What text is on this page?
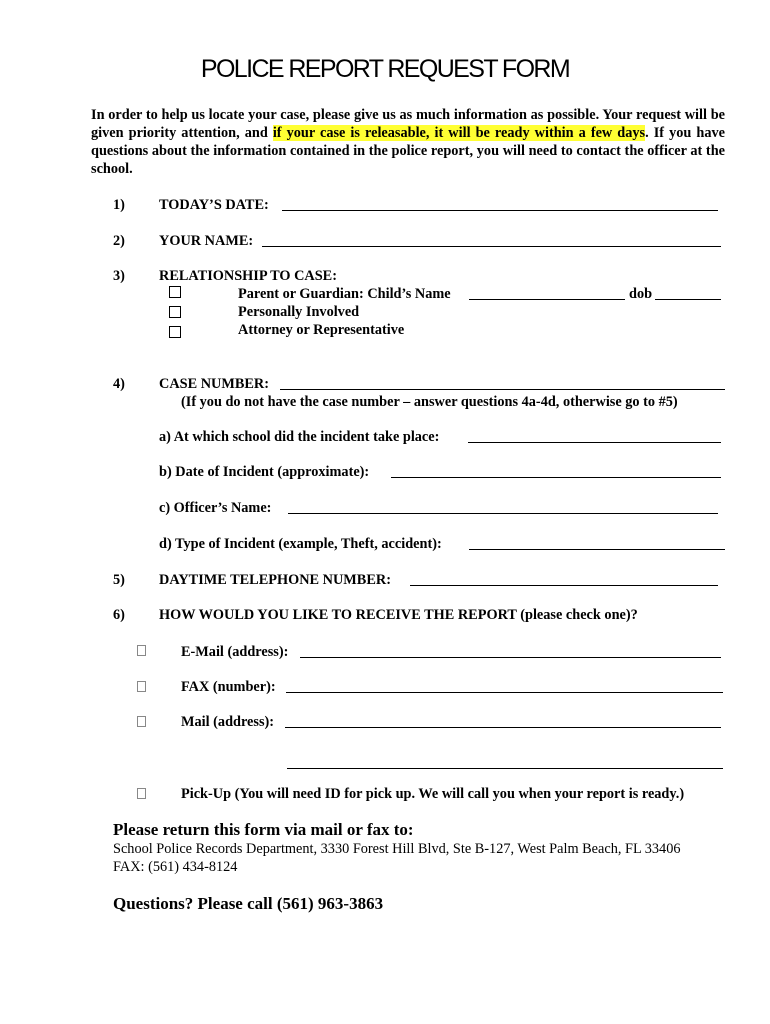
POLICE REPORT REQUEST FORM
In order to help us locate your case, please give us as much information as possible. Your request will be given priority attention, and if your case is releasable, it will be ready within a few days. If you have questions about the information contained in the police report, you will need to contact the officer at the school.
1) TODAY’S DATE:
2) YOUR NAME:
3) RELATIONSHIP TO CASE:
Parent or Guardian: Child’s Name	dob
Personally Involved
Attorney or Representative
4) CASE NUMBER:
(If you do not have the case number – answer questions 4a-4d, otherwise go to #5)
a) At which school did the incident take place:
b) Date of Incident (approximate):
c) Officer’s Name:
d) Type of Incident (example, Theft, accident):
5) DAYTIME TELEPHONE NUMBER:
6) HOW WOULD YOU LIKE TO RECEIVE THE REPORT (please check one)?
E-Mail (address):
FAX (number):
Mail (address):
Pick-Up (You will need ID for pick up. We will call you when your report is ready.)
Please return this form via mail or fax to:
School Police Records Department, 3330 Forest Hill Blvd, Ste B-127, West Palm Beach, FL 33406
FAX: (561) 434-8124
Questions? Please call (561) 963-3863
